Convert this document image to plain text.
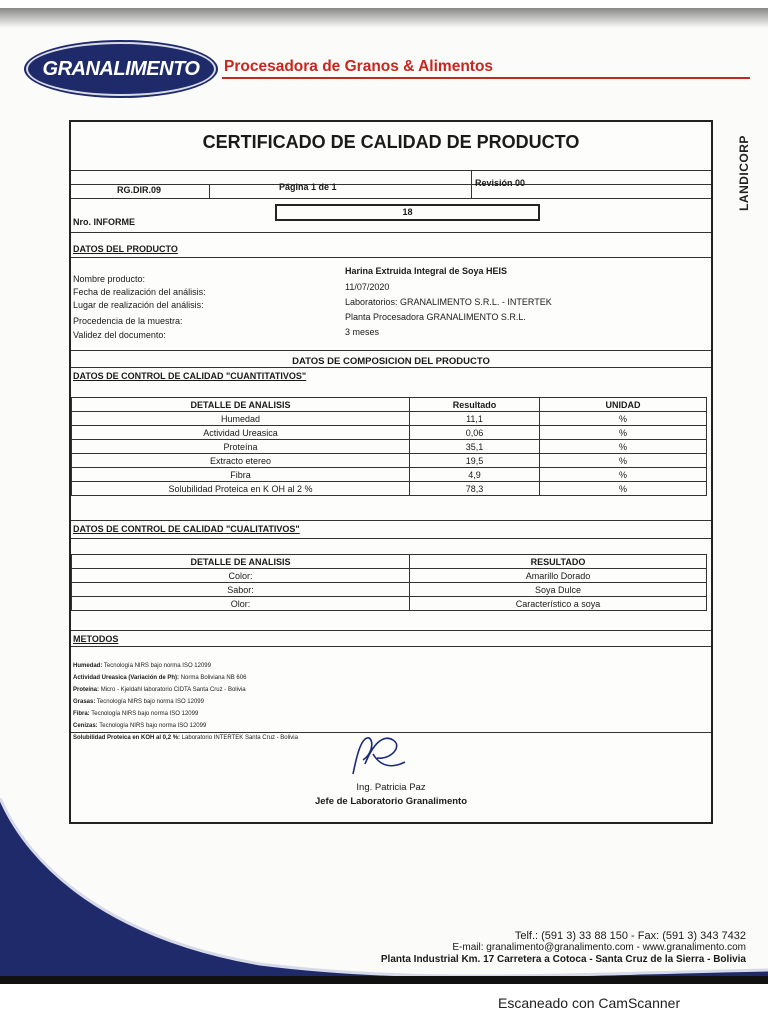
GRANALIMENTO	Procesadora de Granos & Alimentos
LANDICORP
CERTIFICADO DE CALIDAD DE PRODUCTO
RG.DIR.09	Página 1 de 1	Revisión 00
Nro. INFORME
18
DATOS DEL PRODUCTO
Nombre producto:
Harina Extruida Integral de Soya HEIS
Fecha de realización del análisis:	11/07/2020
Lugar de realización del análisis:	Laboratorios: GRANALIMENTO S.R.L. - INTERTEK
Procedencia de la muestra:	Planta Procesadora GRANALIMENTO S.R.L.
Validez del documento:	3 meses
DATOS DE COMPOSICION DEL PRODUCTO
DATOS DE CONTROL DE CALIDAD "CUANTITATIVOS"
DETALLE DE ANALISIS	Resultado	UNIDAD
Humedad	11,1	%
Actividad Ureasica	0,06	%
Proteína	35,1	%
Extracto etereo	19,5	%
Fibra	4,9	%
Solubilidad Proteica en K OH al 2 %	78,3	%
DATOS DE CONTROL DE CALIDAD "CUALITATIVOS"
DETALLE DE ANALISIS	RESULTADO
Color:	Amarillo Dorado
Sabor:	Soya Dulce
Olor:	Característico a soya
METODOS
Humedad: Tecnología NIRS bajo norma ISO 12099
Actividad Ureasica (Variación de Ph): Norma Boliviana NB 606
Proteína: Micro - Kjeldahl laboratorio CIDTA Santa Cruz - Bolivia
Grasas: Tecnología NIRS bajo norma ISO 12099
Fibra: Tecnología NIRS bajo norma ISO 12099
Cenizas: Tecnología NIRS bajo norma ISO 12099
Solubilidad Proteica en KOH al 0,2 %: Laboratorio INTERTEK Santa Cruz - Bolivia
Ing. Patricia Paz
Jefe de Laboratorio Granalimento
Telf.: (591 3) 33 88 150 - Fax: (591 3) 343 7432
E-mail: granalimento@granalimento.com - www.granalimento.com
Planta Industrial Km. 17 Carretera a Cotoca - Santa Cruz de la Sierra - Bolivia
Escaneado con CamScanner
